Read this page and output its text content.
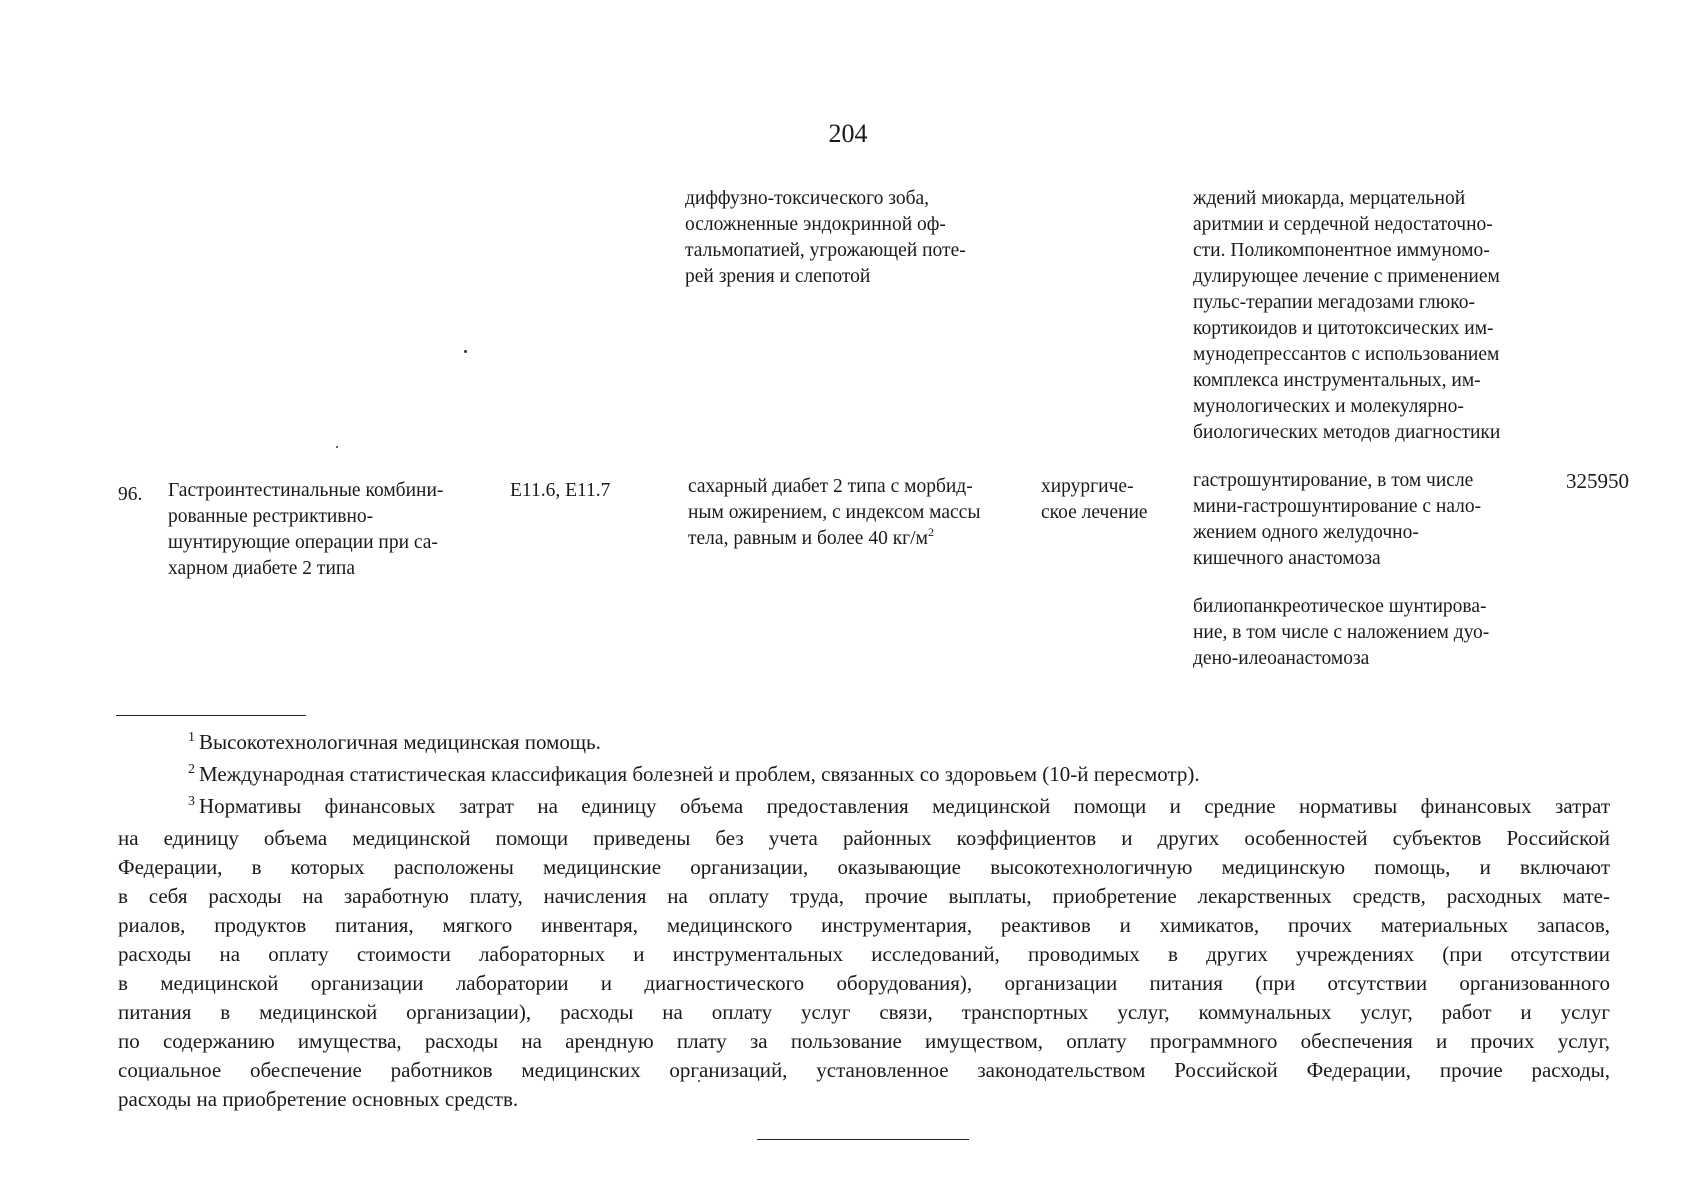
204
диффузно-токсического зоба,
осложненные эндокринной оф-
тальмопатией, угрожающей поте-
рей зрения и слепотой
ждений миокарда, мерцательной
аритмии и сердечной недостаточно-
сти. Поликомпонентное иммуномо-
дулирующее лечение с применением
пульс-терапии мегадозами глюко-
кортикоидов и цитотоксических им-
мунодепрессантов с использованием
комплекса инструментальных, им-
мунологических и молекулярно-
биологических методов диагностики
96. Гастроинтестинальные комбини-
рованные рестриктивно-
шунтирующие операции при са-
харном диабете 2 типа
E11.6, E11.7	сахарный диабет 2 типа с морбид-
ным ожирением, с индексом массы
тела, равным и более 40 $кг/м^2$
хирургиче-
ское лечение
гастрошунтирование, в том числе
мини-гастрошунтирование с нало-
жением одного желудочно-
кишечного анастомоза
билиопанкреотическое шунтирова-
ние, в том числе с наложением дуо-
дено-илеоанастомоза
325950
$^1$ Высокотехнологичная медицинская помощь.
$^2$ Международная статистическая классификация болезней и проблем, связанных со здоровьем (10-й пересмотр).
$^3$ Нормативы финансовых затрат на единицу объема предоставления медицинской помощи и средние нормативы финансовых затрат
на единицу объема медицинской помощи приведены без учета районных коэффициентов и других особенностей субъектов Российской
Федерации, в которых расположены медицинские организации, оказывающие высокотехнологичную медицинскую помощь, и включают
в себя расходы на заработную плату, начисления на оплату труда, прочие выплаты, приобретение лекарственных средств, расходных мате-
риалов, продуктов питания, мягкого инвентаря, медицинского инструментария, реактивов и химикатов, прочих материальных запасов,
расходы на оплату стоимости лабораторных и инструментальных исследований, проводимых в других учреждениях (при отсутствии
в медицинской организации лаборатории и диагностического оборудования), организации питания (при отсутствии организованного
питания в медицинской организации), расходы на оплату услуг связи, транспортных услуг, коммунальных услуг, работ и услуг
по содержанию имущества, расходы на арендную плату за пользование имуществом, оплату программного обеспечения и прочих услуг,
социальное обеспечение работников медицинских организаций, установленное законодательством Российской Федерации, прочие расходы,
расходы на приобретение основных средств.
